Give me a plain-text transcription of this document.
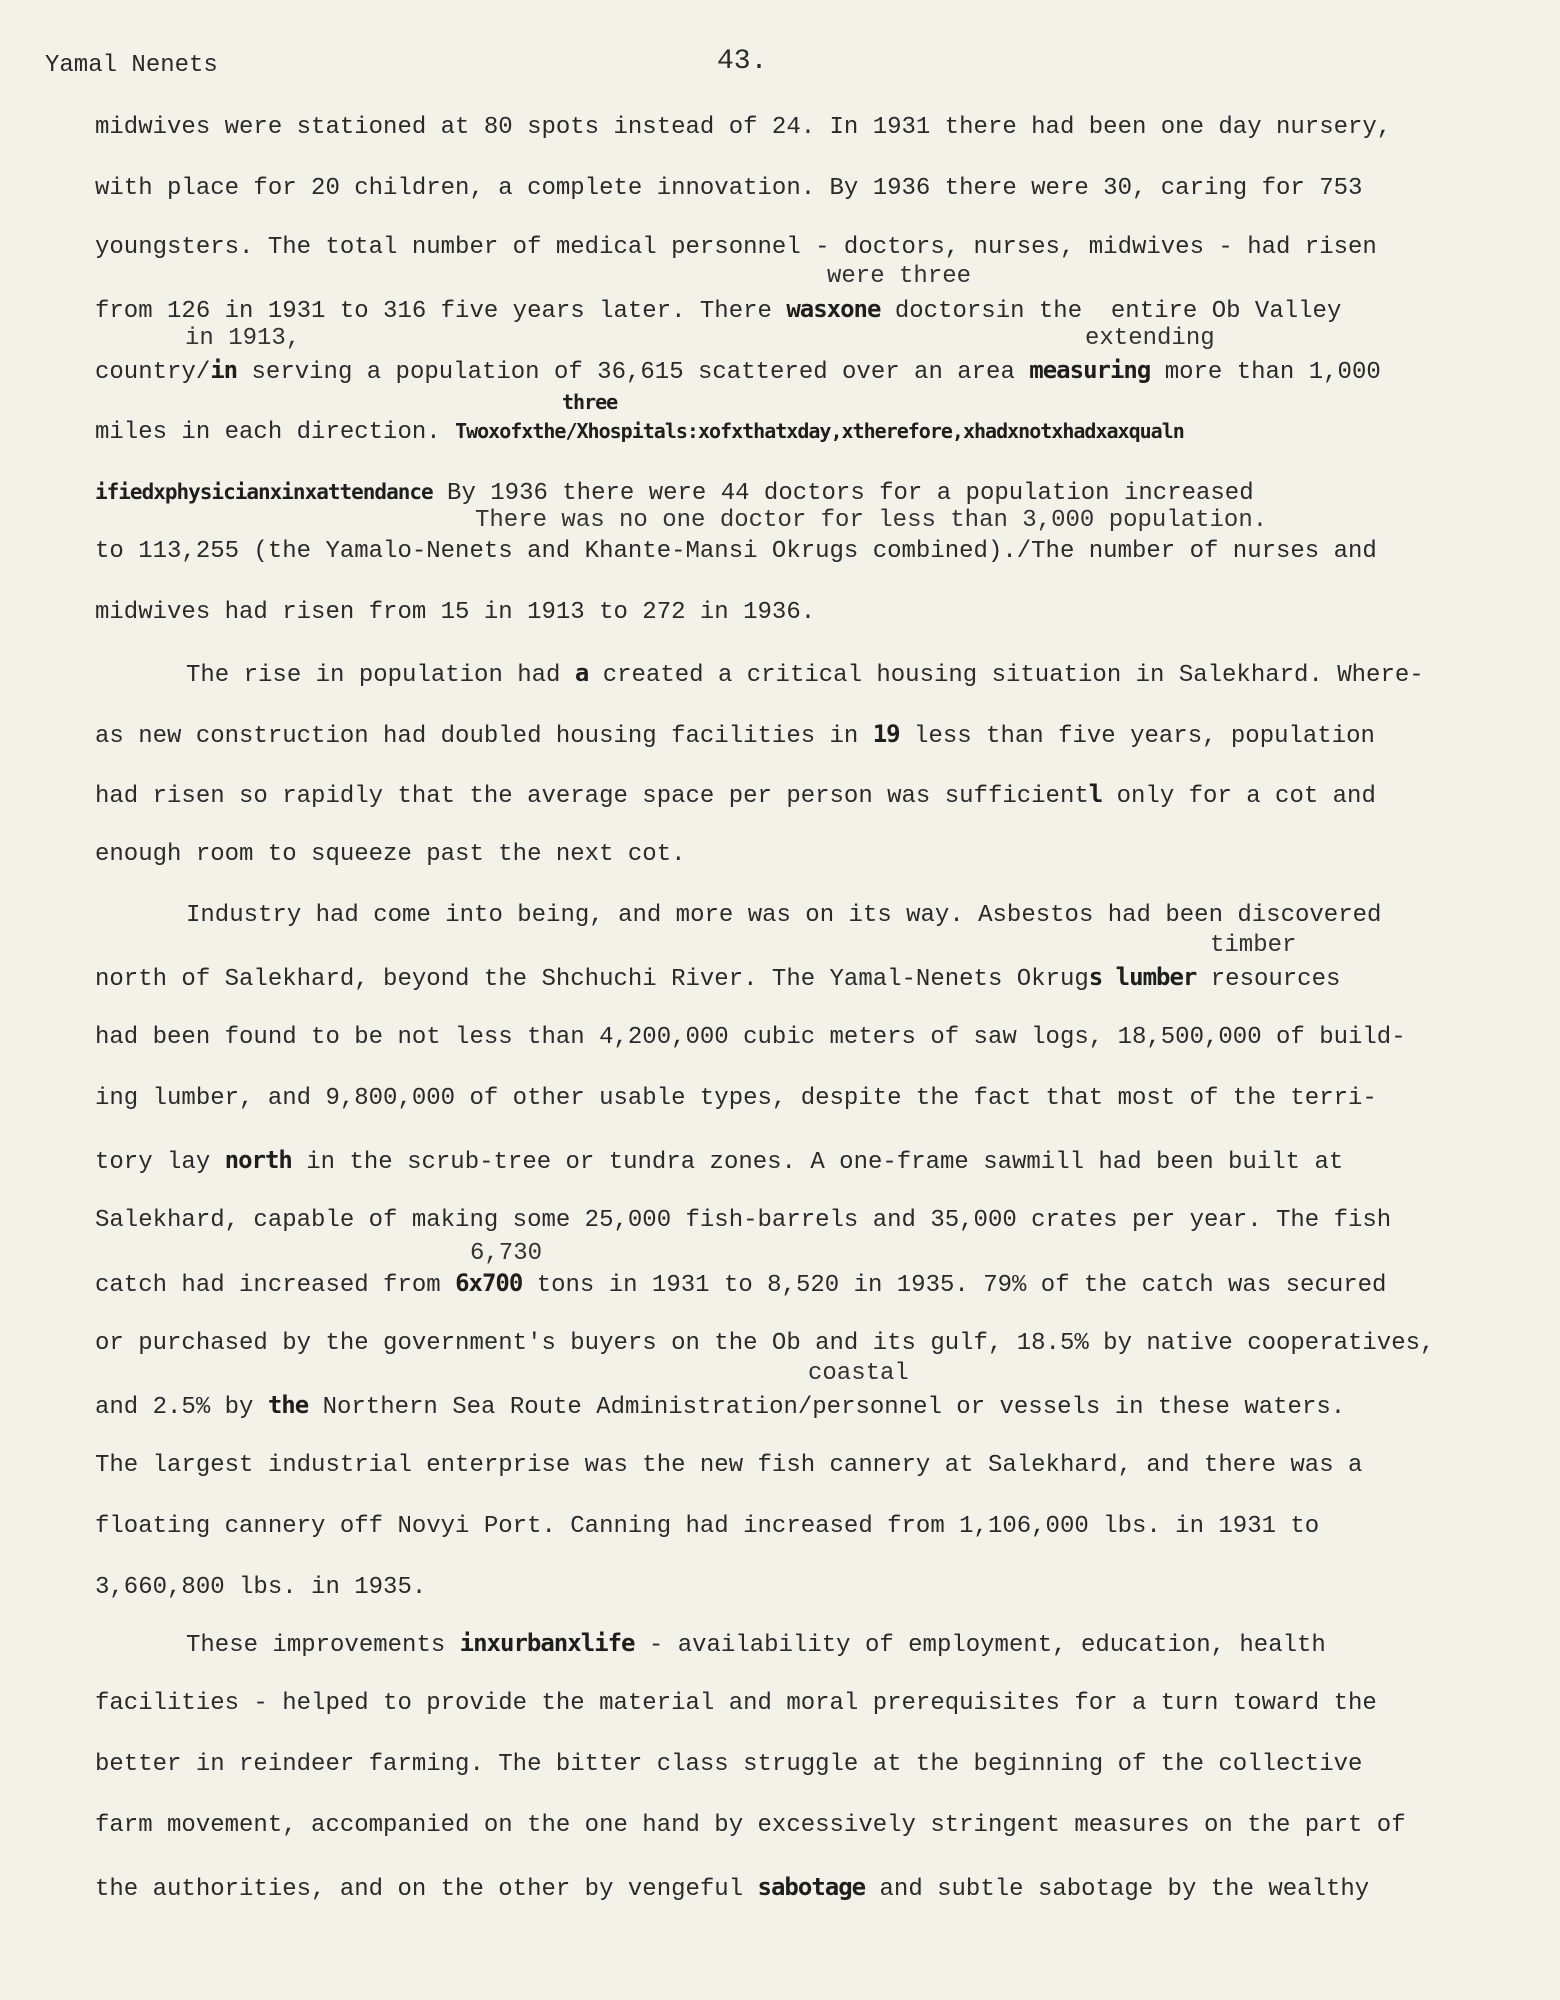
Yamal Nenets	43.
midwives were stationed at 80 spots instead of 24. In 1931 there had been one day nursery,
with place for 20 children, a complete innovation. By 1936 there were 30, caring for 753
youngsters. The total number of medical personnel - doctors, nurses, midwives - had risen
were three
from 126 in 1931 to 316 five years later. There wasxone doctorsin the  entire Ob Valley
in 1913,	extending
country/in serving a population of 36,615 scattered over an area measuring more than 1,000
three
miles in each direction. Twoxofxthe/Xhospitals:xofxthatxday,xtherefore,xhadxnotxhadxaxqualn
ifiedxphysicianxinxattendance By 1936 there were 44 doctors for a population increased
There was no one doctor for less than 3,000 population.
to 113,255 (the Yamalo-Nenets and Khante-Mansi Okrugs combined)./The number of nurses and
midwives had risen from 15 in 1913 to 272 in 1936.
The rise in population had a created a critical housing situation in Salekhard. Where-
as new construction had doubled housing facilities in 19 less than five years, population
had risen so rapidly that the average space per person was sufficientl only for a cot and
enough room to squeeze past the next cot.
Industry had come into being, and more was on its way. Asbestos had been discovered
timber
north of Salekhard, beyond the Shchuchi River. The Yamal-Nenets Okrugs lumber resources
had been found to be not less than 4,200,000 cubic meters of saw logs, 18,500,000 of build-
ing lumber, and 9,800,000 of other usable types, despite the fact that most of the terri-
tory lay north in the scrub-tree or tundra zones. A one-frame sawmill had been built at
Salekhard, capable of making some 25,000 fish-barrels and 35,000 crates per year. The fish
6,730
catch had increased from 6x700 tons in 1931 to 8,520 in 1935. 79% of the catch was secured
or purchased by the government's buyers on the Ob and its gulf, 18.5% by native cooperatives,
coastal
and 2.5% by the Northern Sea Route Administration/personnel or vessels in these waters.
The largest industrial enterprise was the new fish cannery at Salekhard, and there was a
floating cannery off Novyi Port. Canning had increased from 1,106,000 lbs. in 1931 to
3,660,800 lbs. in 1935.
These improvements inxurbanxlife - availability of employment, education, health
facilities - helped to provide the material and moral prerequisites for a turn toward the
better in reindeer farming. The bitter class struggle at the beginning of the collective
farm movement, accompanied on the one hand by excessively stringent measures on the part of
the authorities, and on the other by vengeful sabotage and subtle sabotage by the wealthy
